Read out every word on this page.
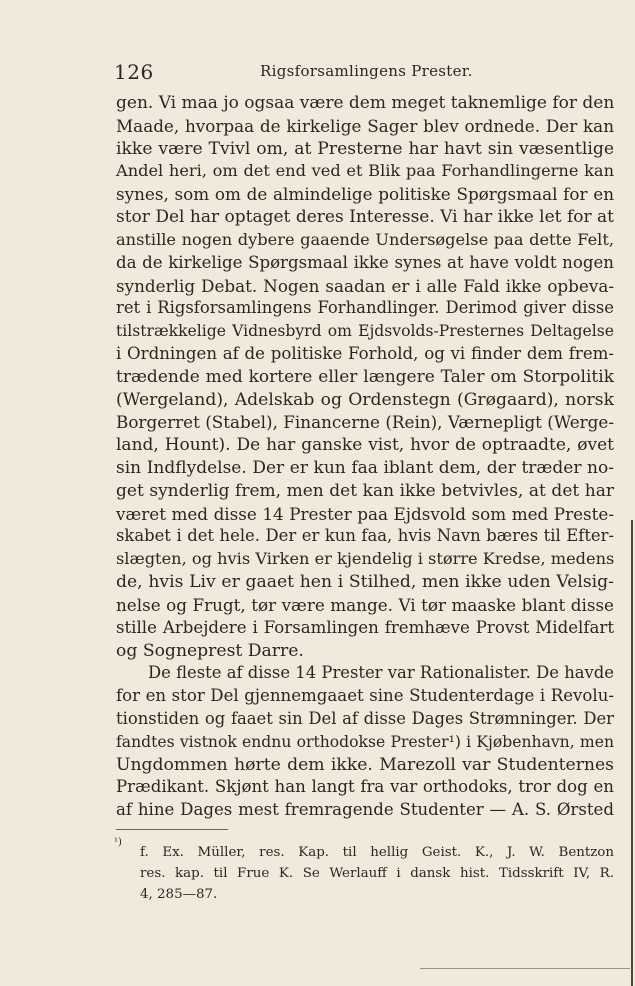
126	Rigsforsamlingens Prester.
gen. Vi maa jo ogsaa være dem meget taknemlige for den
Maade, hvorpaa de kirkelige Sager blev ordnede. Der kan
ikke være Tvivl om, at Presterne har havt sin væsentlige
Andel heri, om det end ved et Blik paa Forhandlingerne kan
synes, som om de almindelige politiske Spørgsmaal for en
stor Del har optaget deres Interesse. Vi har ikke let for at
anstille nogen dybere gaaende Undersøgelse paa dette Felt,
da de kirkelige Spørgsmaal ikke synes at have voldt nogen
synderlig Debat. Nogen saadan er i alle Fald ikke opbeva-
ret i Rigsforsamlingens Forhandlinger. Derimod giver disse
tilstrækkelige Vidnesbyrd om Ejdsvolds-Presternes Deltagelse
i Ordningen af de politiske Forhold, og vi finder dem frem-
trædende med kortere eller længere Taler om Storpolitik
(Wergeland), Adelskab og Ordenstegn (Grøgaard), norsk
Borgerret (Stabel), Financerne (Rein), Værnepligt (Werge-
land, Hount). De har ganske vist, hvor de optraadte, øvet
sin Indflydelse. Der er kun faa iblant dem, der træder no-
get synderlig frem, men det kan ikke betvivles, at det har
været med disse 14 Prester paa Ejdsvold som med Preste-
skabet i det hele. Der er kun faa, hvis Navn bæres til Efter-
slægten, og hvis Virken er kjendelig i større Kredse, medens
de, hvis Liv er gaaet hen i Stilhed, men ikke uden Velsig-
nelse og Frugt, tør være mange. Vi tør maaske blant disse
stille Arbejdere i Forsamlingen fremhæve Provst Midelfart
og Sogneprest Darre.
De fleste af disse 14 Prester var Rationalister. De havde
for en stor Del gjennemgaaet sine Studenterdage i Revolu-
tionstiden og faaet sin Del af disse Dages Strømninger. Der
fandtes vistnok endnu orthodokse Prester¹) i Kjøbenhavn, men
Ungdommen hørte dem ikke. Marezoll var Studenternes
Prædikant. Skjønt han langt fra var orthodoks, tror dog en
af hine Dages mest fremragende Studenter — A. S. Ørsted
¹)
f. Ex. Müller, res. Kap. til hellig Geist. K., J. W. Bentzon
res. kap. til Frue K. Se Werlauff i dansk hist. Tidsskrift IV, R.
4, 285—87.
